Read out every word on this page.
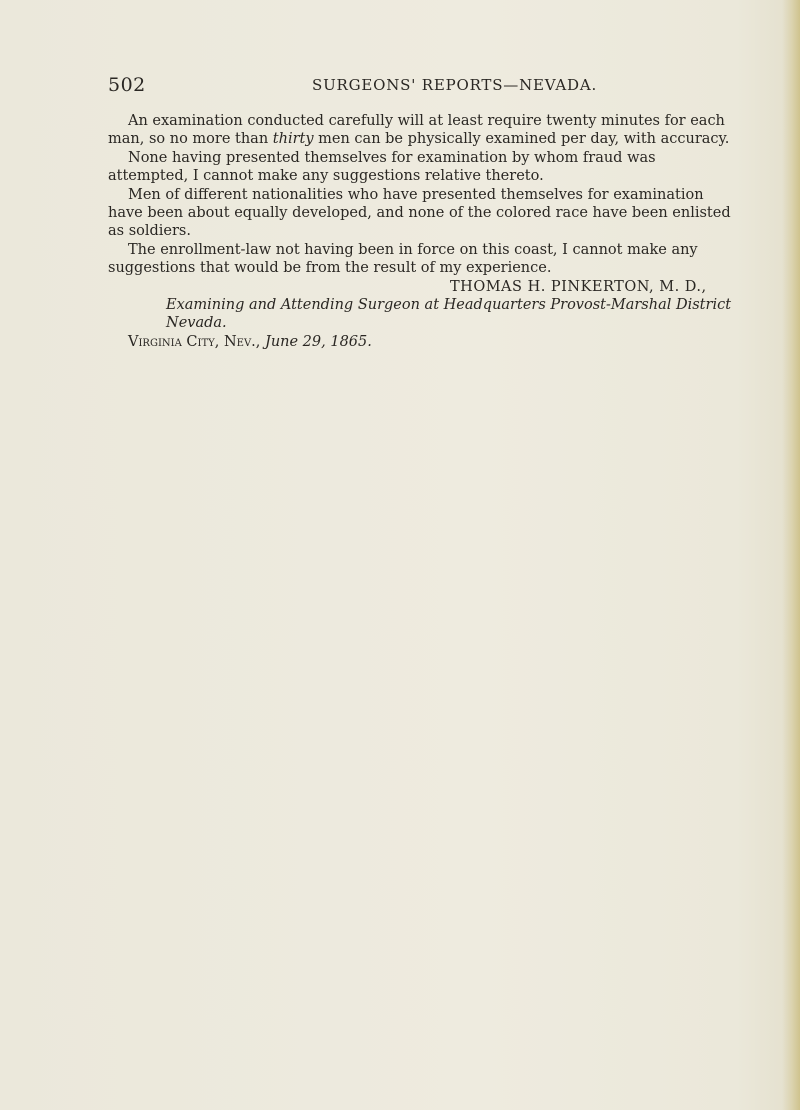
502	SURGEONS' REPORTS—NEVADA.

An examination conducted carefully will at least require twenty minutes for each man, so no more than thirty men can be physically examined per day, with accuracy.

None having presented themselves for examination by whom fraud was attempted, I cannot make any suggestions relative thereto.

Men of different nationalities who have presented themselves for examination have been about equally developed, and none of the colored race have been enlisted as soldiers.

The enrollment-law not having been in force on this coast, I cannot make any suggestions that would be from the result of my experience.

THOMAS H. PINKERTON, M. D.,

Examining and Attending Surgeon at Headquarters Provost-Marshal District Nevada.

Virginia City, Nev., June 29, 1865.
